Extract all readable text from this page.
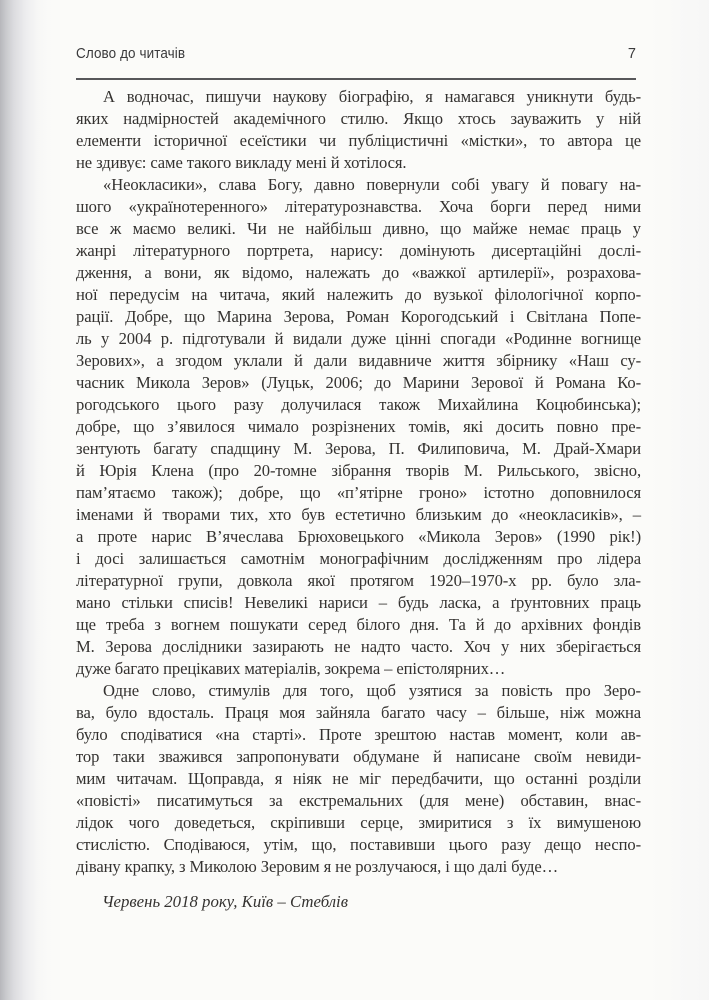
Слово до читачів	7
А водночас, пишучи наукову біографію, я намагався уникнути будь-
яких надмірностей академічного стилю. Якщо хтось зауважить у ній
елементи історичної есеїстики чи публіцистичні «містки», то автора це
не здивує: саме такого викладу мені й хотілося.
«Неокласики», слава Богу, давно повернули собі увагу й повагу на-
шого «українотеренного» літературознавства. Хоча борги перед ними
все ж маємо великі. Чи не найбільш дивно, що майже немає праць у
жанрі літературного портрета, нарису: домінують дисертаційні дослі-
дження, а вони, як відомо, належать до «важкої артилерії», розрахова-
ної передусім на читача, який належить до вузької філологічної корпо-
рації. Добре, що Марина Зерова, Роман Корогодський і Світлана Попе-
ль у 2004 р. підготували й видали дуже цінні спогади «Родинне вогнище
Зерових», а згодом уклали й дали видавниче життя збірнику «Наш су-
часник Микола Зеров» (Луцьк, 2006; до Марини Зерової й Романа Ко-
рогодського цього разу долучилася також Михайлина Коцюбинська);
добре, що з’явилося чимало розрізнених томів, які досить повно пре-
зентують багату спадщину М. Зерова, П. Филиповича, М. Драй-Хмари
й Юрія Клена (про 20-томне зібрання творів М. Рильського, звісно,
пам’ятаємо також); добре, що «п’ятірне гроно» істотно доповнилося
іменами й творами тих, хто був естетично близьким до «неокласиків», –
а проте нарис В’ячеслава Брюховецького «Микола Зеров» (1990 рік!)
і досі залишається самотнім монографічним дослідженням про лідера
літературної групи, довкола якої протягом 1920–1970-х рр. було зла-
мано стільки списів! Невеликі нариси – будь ласка, а ґрунтовних праць
ще треба з вогнем пошукати серед білого дня. Та й до архівних фондів
М. Зерова дослідники зазирають не надто часто. Хоч у них зберігається
дуже багато прецікавих матеріалів, зокрема – епістолярних…
Одне слово, стимулів для того, щоб узятися за повість про Зеро-
ва, було вдосталь. Праця моя зайняла багато часу – більше, ніж можна
було сподіватися «на старті». Проте зрештою настав момент, коли ав-
тор таки зважився запропонувати обдумане й написане своїм невиди-
мим читачам. Щоправда, я ніяк не міг передбачити, що останні розділи
«повісті» писатимуться за екстремальних (для мене) обставин, внас-
лідок чого доведеться, скріпивши серце, змиритися з їх вимушеною
стислістю. Сподіваюся, утім, що, поставивши цього разу дещо неспо-
дівану крапку, з Миколою Зеровим я не розлучаюся, і що далі буде…
Червень 2018 року, Київ – Стеблів
